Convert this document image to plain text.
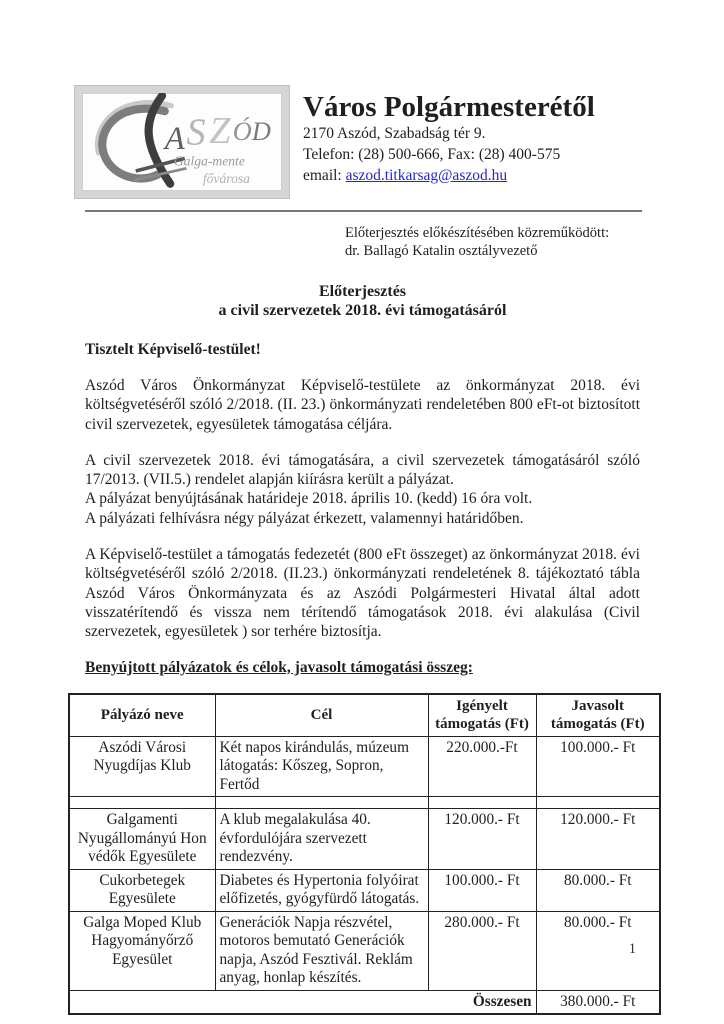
A S Z Ó D
Galga-mente
fővárosa
Város Polgármesterétől
2170 Aszód, Szabadság tér 9.
Telefon: (28) 500-666, Fax: (28) 400-575
email: aszod.titkarsag@aszod.hu
Előterjesztés előkészítésében közreműködött:
dr. Ballagó Katalin osztályvezető
Előterjesztés
a civil szervezetek 2018. évi támogatásáról
Tisztelt Képviselő-testület!
Aszód Város Önkormányzat Képviselő-testülete az önkormányzat 2018. évi költségvetéséről szóló 2/2018. (II. 23.) önkormányzati rendeletében 800 eFt-ot biztosított civil szervezetek, egyesületek támogatása céljára.
A civil szervezetek 2018. évi támogatására, a civil szervezetek támogatásáról szóló 17/2013. (VII.5.) rendelet alapján kiírásra került a pályázat.
A pályázat benyújtásának határideje 2018. április 10. (kedd) 16 óra volt.
A pályázati felhívásra négy pályázat érkezett, valamennyi határidőben.
A Képviselő-testület a támogatás fedezetét (800 eFt összeget) az önkormányzat 2018. évi költségvetéséről szóló 2/2018. (II.23.) önkormányzati rendeletének 8. tájékoztató tábla Aszód Város Önkormányzata és az Aszódi Polgármesteri Hivatal által adott visszatérítendő és vissza nem térítendő támogatások 2018. évi alakulása (Civil szervezetek, egyesületek ) sor terhére biztosítja.
Benyújtott pályázatok és célok, javasolt támogatási összeg:
Pályázó neve	Cél	Igényelt támogatás (Ft)	Javasolt támogatás (Ft)
Aszódi Városi Nyugdíjas Klub	Két napos kirándulás, múzeum látogatás: Kőszeg, Sopron, Fertőd	220.000.-Ft	100.000.- Ft

Galgamenti Nyugállományú Hon védők Egyesülete	A klub megalakulása 40. évfordulójára szervezett rendezvény.	120.000.- Ft	120.000.- Ft
Cukorbetegek Egyesülete	Diabetes és Hypertonia folyóirat előfizetés, gyógyfürdő látogatás.	100.000.- Ft	80.000.- Ft
Galga Moped Klub Hagyományőrző Egyesület	Generációk Napja részvétel, motoros bemutató Generációk napja, Aszód Fesztivál. Reklám anyag, honlap készítés.	280.000.- Ft	80.000.- Ft
Összesen			380.000.- Ft
1
